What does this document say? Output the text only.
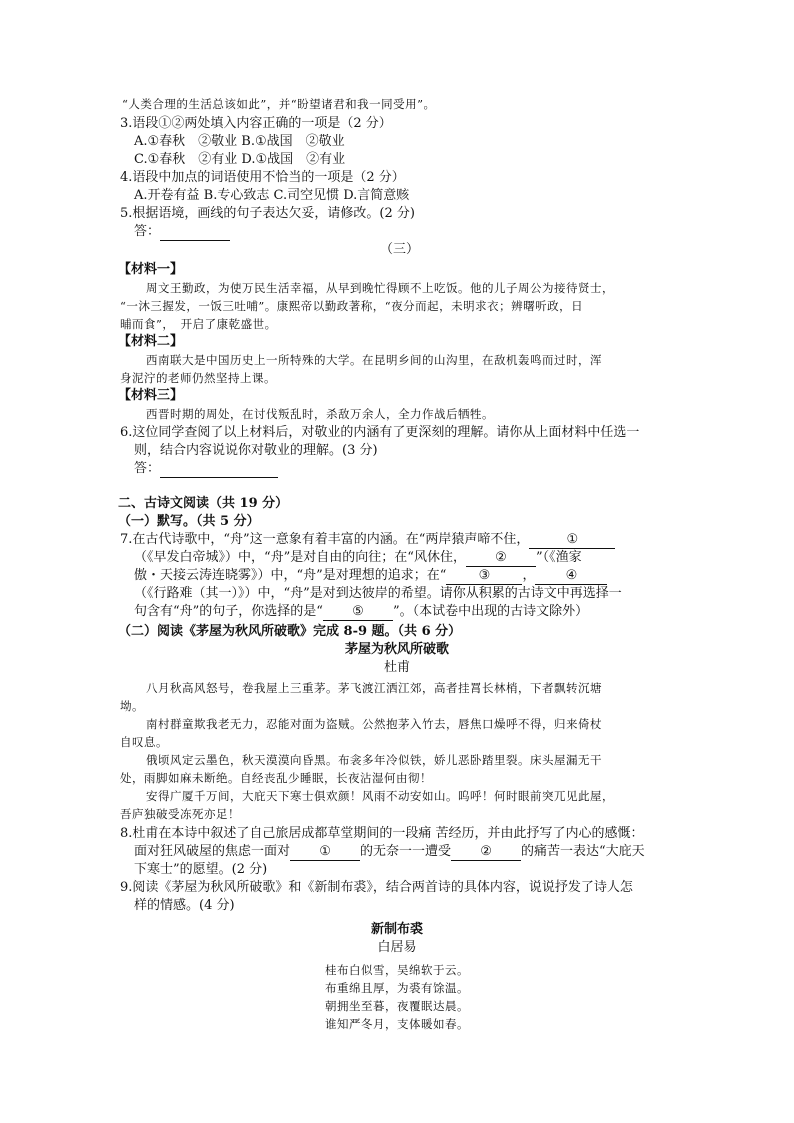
“人类合理的生活总该如此”，并“盼望诸君和我一同受用”。
3.语段①②两处填入内容正确的一项是（2 分）
A.①春秋　②敬业 B.①战国　②敬业
C.①春秋　②有业 D.①战国　②有业
4.语段中加点的词语使用不恰当的一项是（2 分）
A.开卷有益 B.专心致志 C.司空见惯 D.言简意赅
5.根据语境，画线的句子表达欠妥，请修改。(2 分)
答：
（三）
【材料一】
周文王勤政，为使万民生活幸福，从早到晚忙得顾不上吃饭。他的儿子周公为接待贤士，
“一沐三握发，一饭三吐哺”。康熙帝以勤政著称，“夜分而起，未明求衣；辨曙听政，日
晡而食”，　开启了康乾盛世。
【材料二】
西南联大是中国历史上一所特殊的大学。在昆明乡间的山沟里，在敌机轰鸣而过时，浑
身泥泞的老师仍然坚持上课。
【材料三】
西晋时期的周处，在讨伐叛乱时，杀敌万余人，全力作战后牺牲。
6.这位同学查阅了以上材料后，对敬业的内涵有了更深刻的理解。请你从上面材料中任选一
则，结合内容说说你对敬业的理解。(3 分)
答：
二、古诗文阅读（共 19 分）
（一）默写。（共 5 分）
7.在古代诗歌中，“舟”这一意象有着丰富的内涵。在“两岸猿声啼不住，	①
（《早发白帝城》）中，“舟”是对自由的向往；在“风休住， ② ”（《渔家
傲・天接云涛连晓雾》）中，“舟”是对理想的追求；在“ ③ ， ④
（《行路难（其一）》）中，“舟”是对到达彼岸的希望。请你从积累的古诗文中再选择一
句含有“舟”的句子，你选择的是“ ⑤ ”。（本试卷中出现的古诗文除外）
（二）阅读《茅屋为秋风所破歌》完成 8-9 题。（共 6 分）
茅屋为秋风所破歌
杜甫
八月秋高风怒号，卷我屋上三重茅。茅飞渡江洒江郊，高者挂罥长林梢，下者飘转沉塘
坳。
南村群童欺我老无力，忍能对面为盗贼。公然抱茅入竹去，唇焦口燥呼不得，归来倚杖
自叹息。
俄顷风定云墨色，秋天漠漠向昏黑。布衾多年冷似铁，娇儿恶卧踏里裂。床头屋漏无干
处，雨脚如麻未断绝。自经丧乱少睡眠，长夜沾湿何由彻！
安得广厦千万间，大庇天下寒士俱欢颜！风雨不动安如山。呜呼！何时眼前突兀见此屋，
吾庐独破受冻死亦足！
8.杜甫在本诗中叙述了自己旅居成都草堂期间的一段痛 苦经历，并由此抒写了内心的感慨：
面对狂风破屋的焦虑一面对 ① 的无奈一一遭受 ② 的痛苦一表达“大庇天
下寒士”的愿望。(2 分)
9.阅读《茅屋为秋风所破歌》和《新制布裘》，结合两首诗的具体内容，说说抒发了诗人怎
样的情感。(4 分)
新制布裘
白居易
桂布白似雪，吴绵软于云。
布重绵且厚，为裘有馀温。
朝拥坐至暮，夜覆眠达晨。
谁知严冬月，支体暖如春。
